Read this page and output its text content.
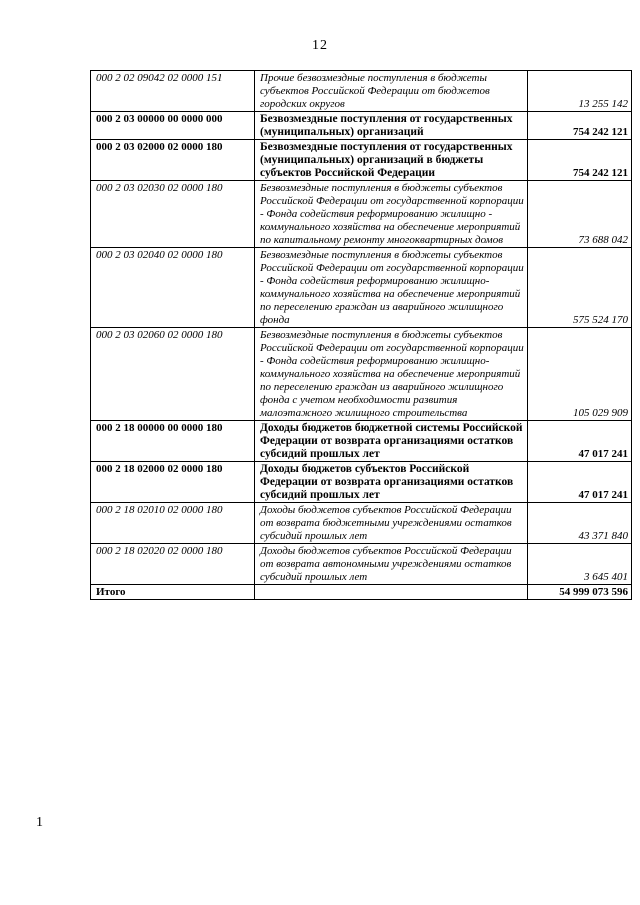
12
000 2 02 09042 02 0000 151	Прочие безвозмездные поступления в бюджеты субъектов Российской Федерации от бюджетов городских округов	13 255 142
000 2 03 00000 00 0000 000	Безвозмездные поступления от государственных (муниципальных) организаций	754 242 121
000 2 03 02000 02 0000 180	Безвозмездные поступления от государственных (муниципальных) организаций в бюджеты субъектов Российской Федерации	754 242 121
000 2 03 02030 02 0000 180	Безвозмездные поступления в бюджеты субъектов Российской Федерации от государственной корпорации - Фонда содействия реформированию жилищно - коммунального хозяйства на обеспечение мероприятий по капитальному ремонту многоквартирных домов	73 688 042
000 2 03 02040 02 0000 180	Безвозмездные поступления в бюджеты субъектов Российской Федерации от государственной корпорации - Фонда содействия реформированию жилищно-коммунального хозяйства на обеспечение мероприятий по переселению граждан из аварийного жилищного фонда	575 524 170
000 2 03 02060 02 0000 180	Безвозмездные поступления в бюджеты субъектов Российской Федерации от государственной корпорации - Фонда содействия реформированию жилищно-коммунального хозяйства на обеспечение мероприятий по переселению граждан из аварийного жилищного фонда с учетом необходимости развития малоэтажного жилищного строительства	105 029 909
000 2 18 00000 00 0000 180	Доходы бюджетов бюджетной системы Российской Федерации от возврата организациями остатков субсидий прошлых лет	47 017 241
000 2 18 02000 02 0000 180	Доходы бюджетов субъектов Российской Федерации от возврата организациями остатков субсидий прошлых лет	47 017 241
000 2 18 02010 02 0000 180	Доходы бюджетов субъектов Российской Федерации от возврата бюджетными учреждениями остатков субсидий прошлых лет	43 371 840
000 2 18 02020 02 0000 180	Доходы бюджетов субъектов Российской Федерации от возврата автономными учреждениями остатков субсидий прошлых лет	3 645 401
Итого		54 999 073 596
1
